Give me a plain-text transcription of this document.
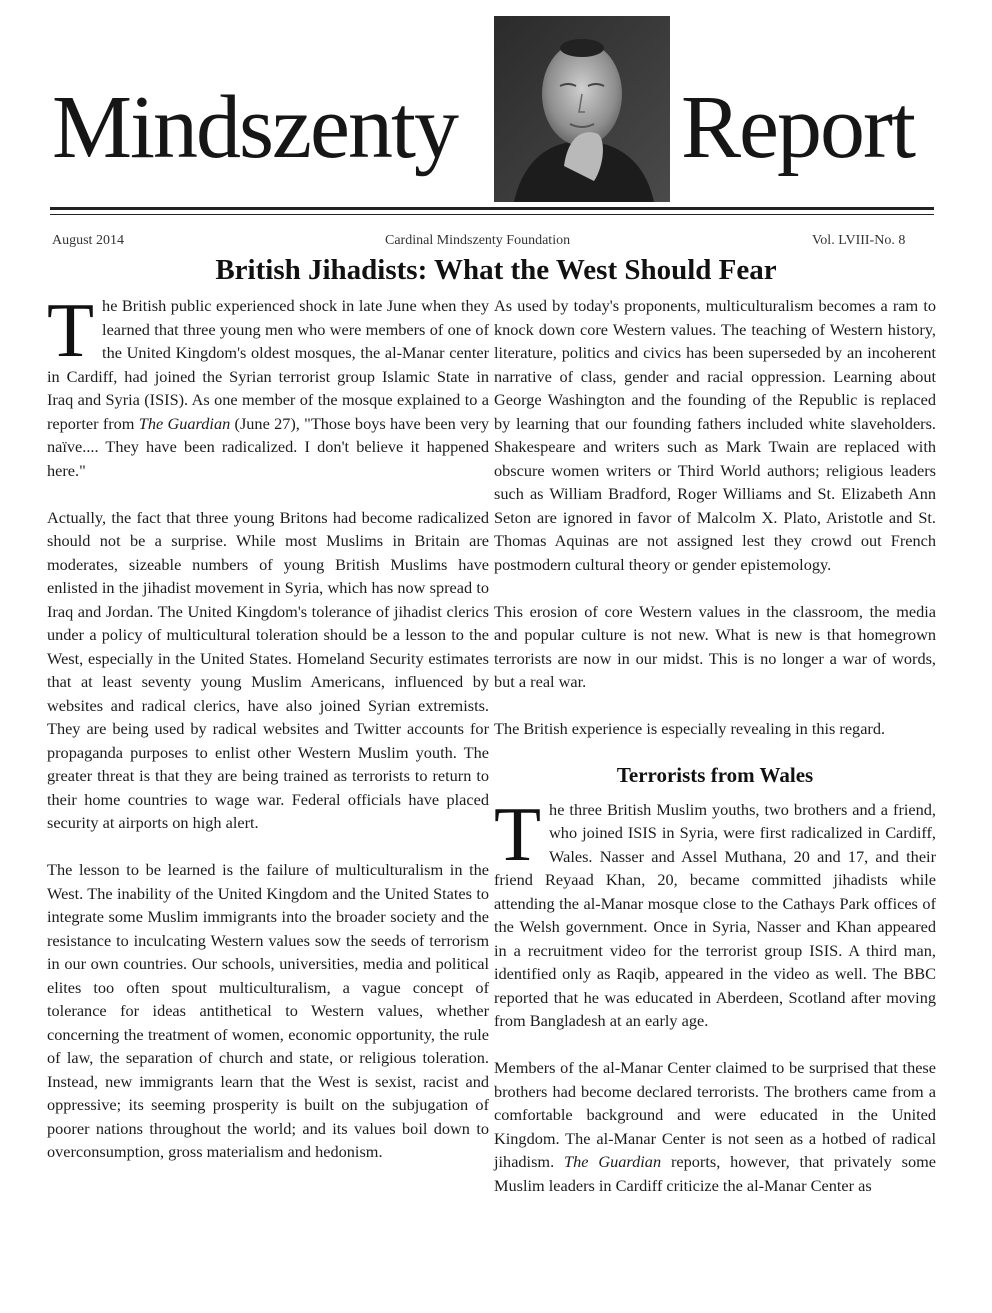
Mindszenty Report
August 2014	Cardinal Mindszenty Foundation	Vol. LVIII-No. 8
British Jihadists: What the West Should Fear

The British public experienced shock in late June when they learned that three young men who were members of one of the United Kingdom's oldest mosques, the al-Manar center in Cardiff, had joined the Syrian terrorist group Islamic State in Iraq and Syria (ISIS). As one member of the mosque explained to a reporter from The Guardian (June 27), "Those boys have been very naïve.... They have been radicalized. I don't believe it happened here."

Actually, the fact that three young Britons had become radicalized should not be a surprise. While most Muslims in Britain are moderates, sizeable numbers of young British Muslims have enlisted in the jihadist movement in Syria, which has now spread to Iraq and Jordan. The United Kingdom's tolerance of jihadist clerics under a policy of multicultural toleration should be a lesson to the West, especially in the United States. Homeland Security estimates that at least seventy young Muslim Americans, influenced by websites and radical clerics, have also joined Syrian extremists. They are being used by radical websites and Twitter accounts for propaganda purposes to enlist other Western Muslim youth. The greater threat is that they are being trained as terrorists to return to their home countries to wage war. Federal officials have placed security at airports on high alert.

The lesson to be learned is the failure of multiculturalism in the West. The inability of the United Kingdom and the United States to integrate some Muslim immigrants into the broader society and the resistance to inculcating Western values sow the seeds of terrorism in our own countries. Our schools, universities, media and political elites too often spout multiculturalism, a vague concept of tolerance for ideas antithetical to Western values, whether concerning the treatment of women, economic opportunity, the rule of law, the separation of church and state, or religious toleration. Instead, new immigrants learn that the West is sexist, racist and oppressive; its seeming prosperity is built on the subjugation of poorer nations throughout the world; and its values boil down to overconsumption, gross materialism and hedonism.

As used by today's proponents, multiculturalism becomes a ram to knock down core Western values. The teaching of Western history, literature, politics and civics has been superseded by an incoherent narrative of class, gender and racial oppression. Learning about George Washington and the founding of the Republic is replaced by learning that our founding fathers included white slaveholders. Shakespeare and writers such as Mark Twain are replaced with obscure women writers or Third World authors; religious leaders such as William Bradford, Roger Williams and St. Elizabeth Ann Seton are ignored in favor of Malcolm X. Plato, Aristotle and St. Thomas Aquinas are not assigned lest they crowd out French postmodern cultural theory or gender epistemology.

This erosion of core Western values in the classroom, the media and popular culture is not new. What is new is that homegrown terrorists are now in our midst. This is no longer a war of words, but a real war.

The British experience is especially revealing in this regard.

Terrorists from Wales

The three British Muslim youths, two brothers and a friend, who joined ISIS in Syria, were first radicalized in Cardiff, Wales. Nasser and Assel Muthana, 20 and 17, and their friend Reyaad Khan, 20, became committed jihadists while attending the al-Manar mosque close to the Cathays Park offices of the Welsh government. Once in Syria, Nasser and Khan appeared in a recruitment video for the terrorist group ISIS. A third man, identified only as Raqib, appeared in the video as well. The BBC reported that he was educated in Aberdeen, Scotland after moving from Bangladesh at an early age.

Members of the al-Manar Center claimed to be surprised that these brothers had become declared terrorists. The brothers came from a comfortable background and were educated in the United Kingdom. The al-Manar Center is not seen as a hotbed of radical jihadism. The Guardian reports, however, that privately some Muslim leaders in Cardiff criticize the al-Manar Center as
